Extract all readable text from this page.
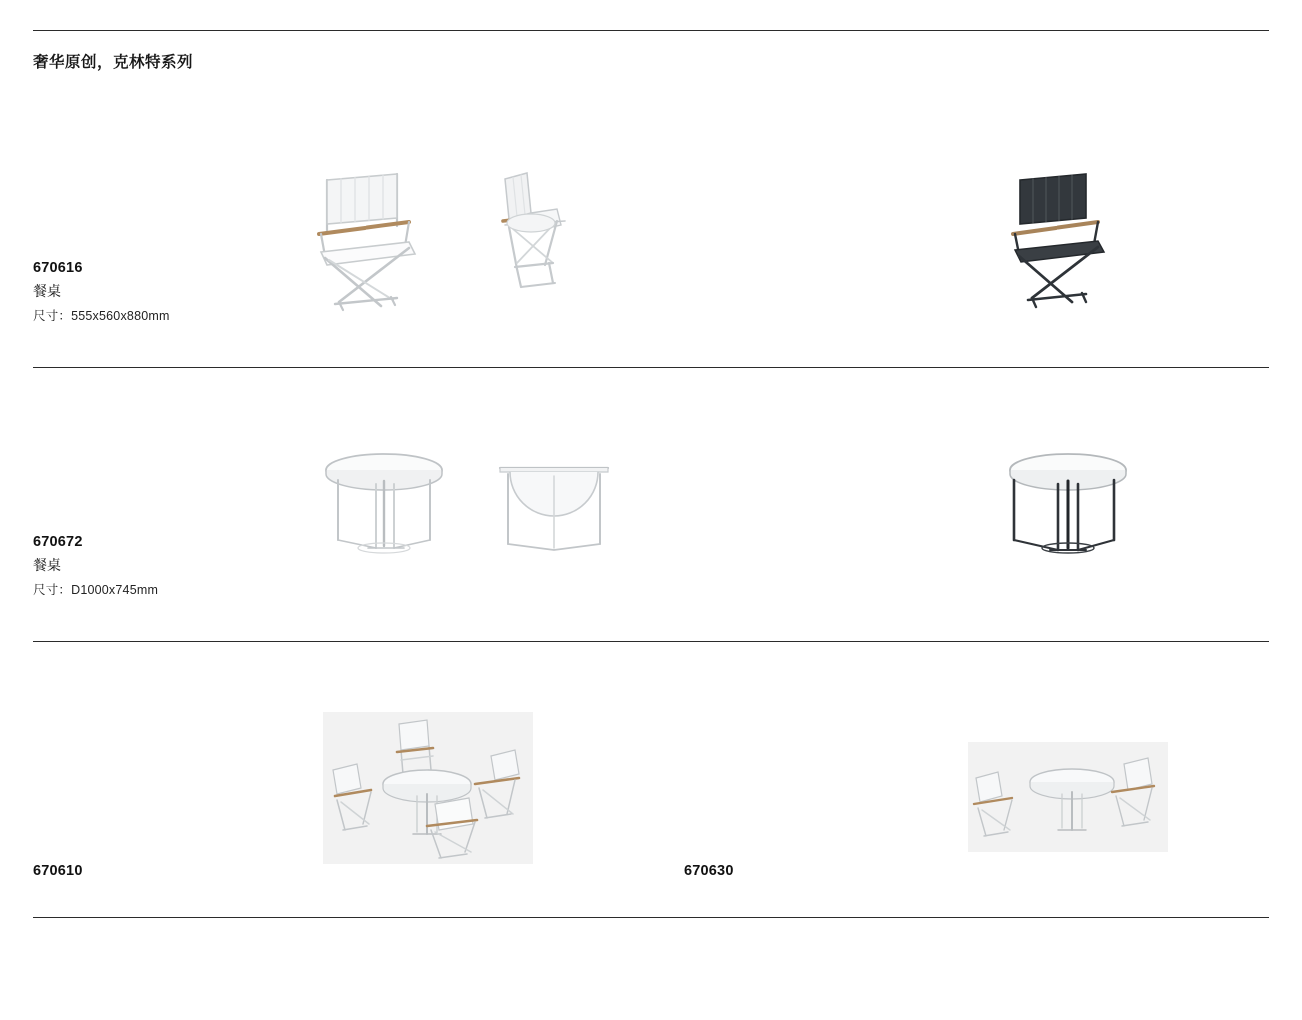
奢华原创，克林特系列
670616
餐桌
尺寸：555x560x880mm
670672
餐桌
尺寸：D1000x745mm
670610	670630
